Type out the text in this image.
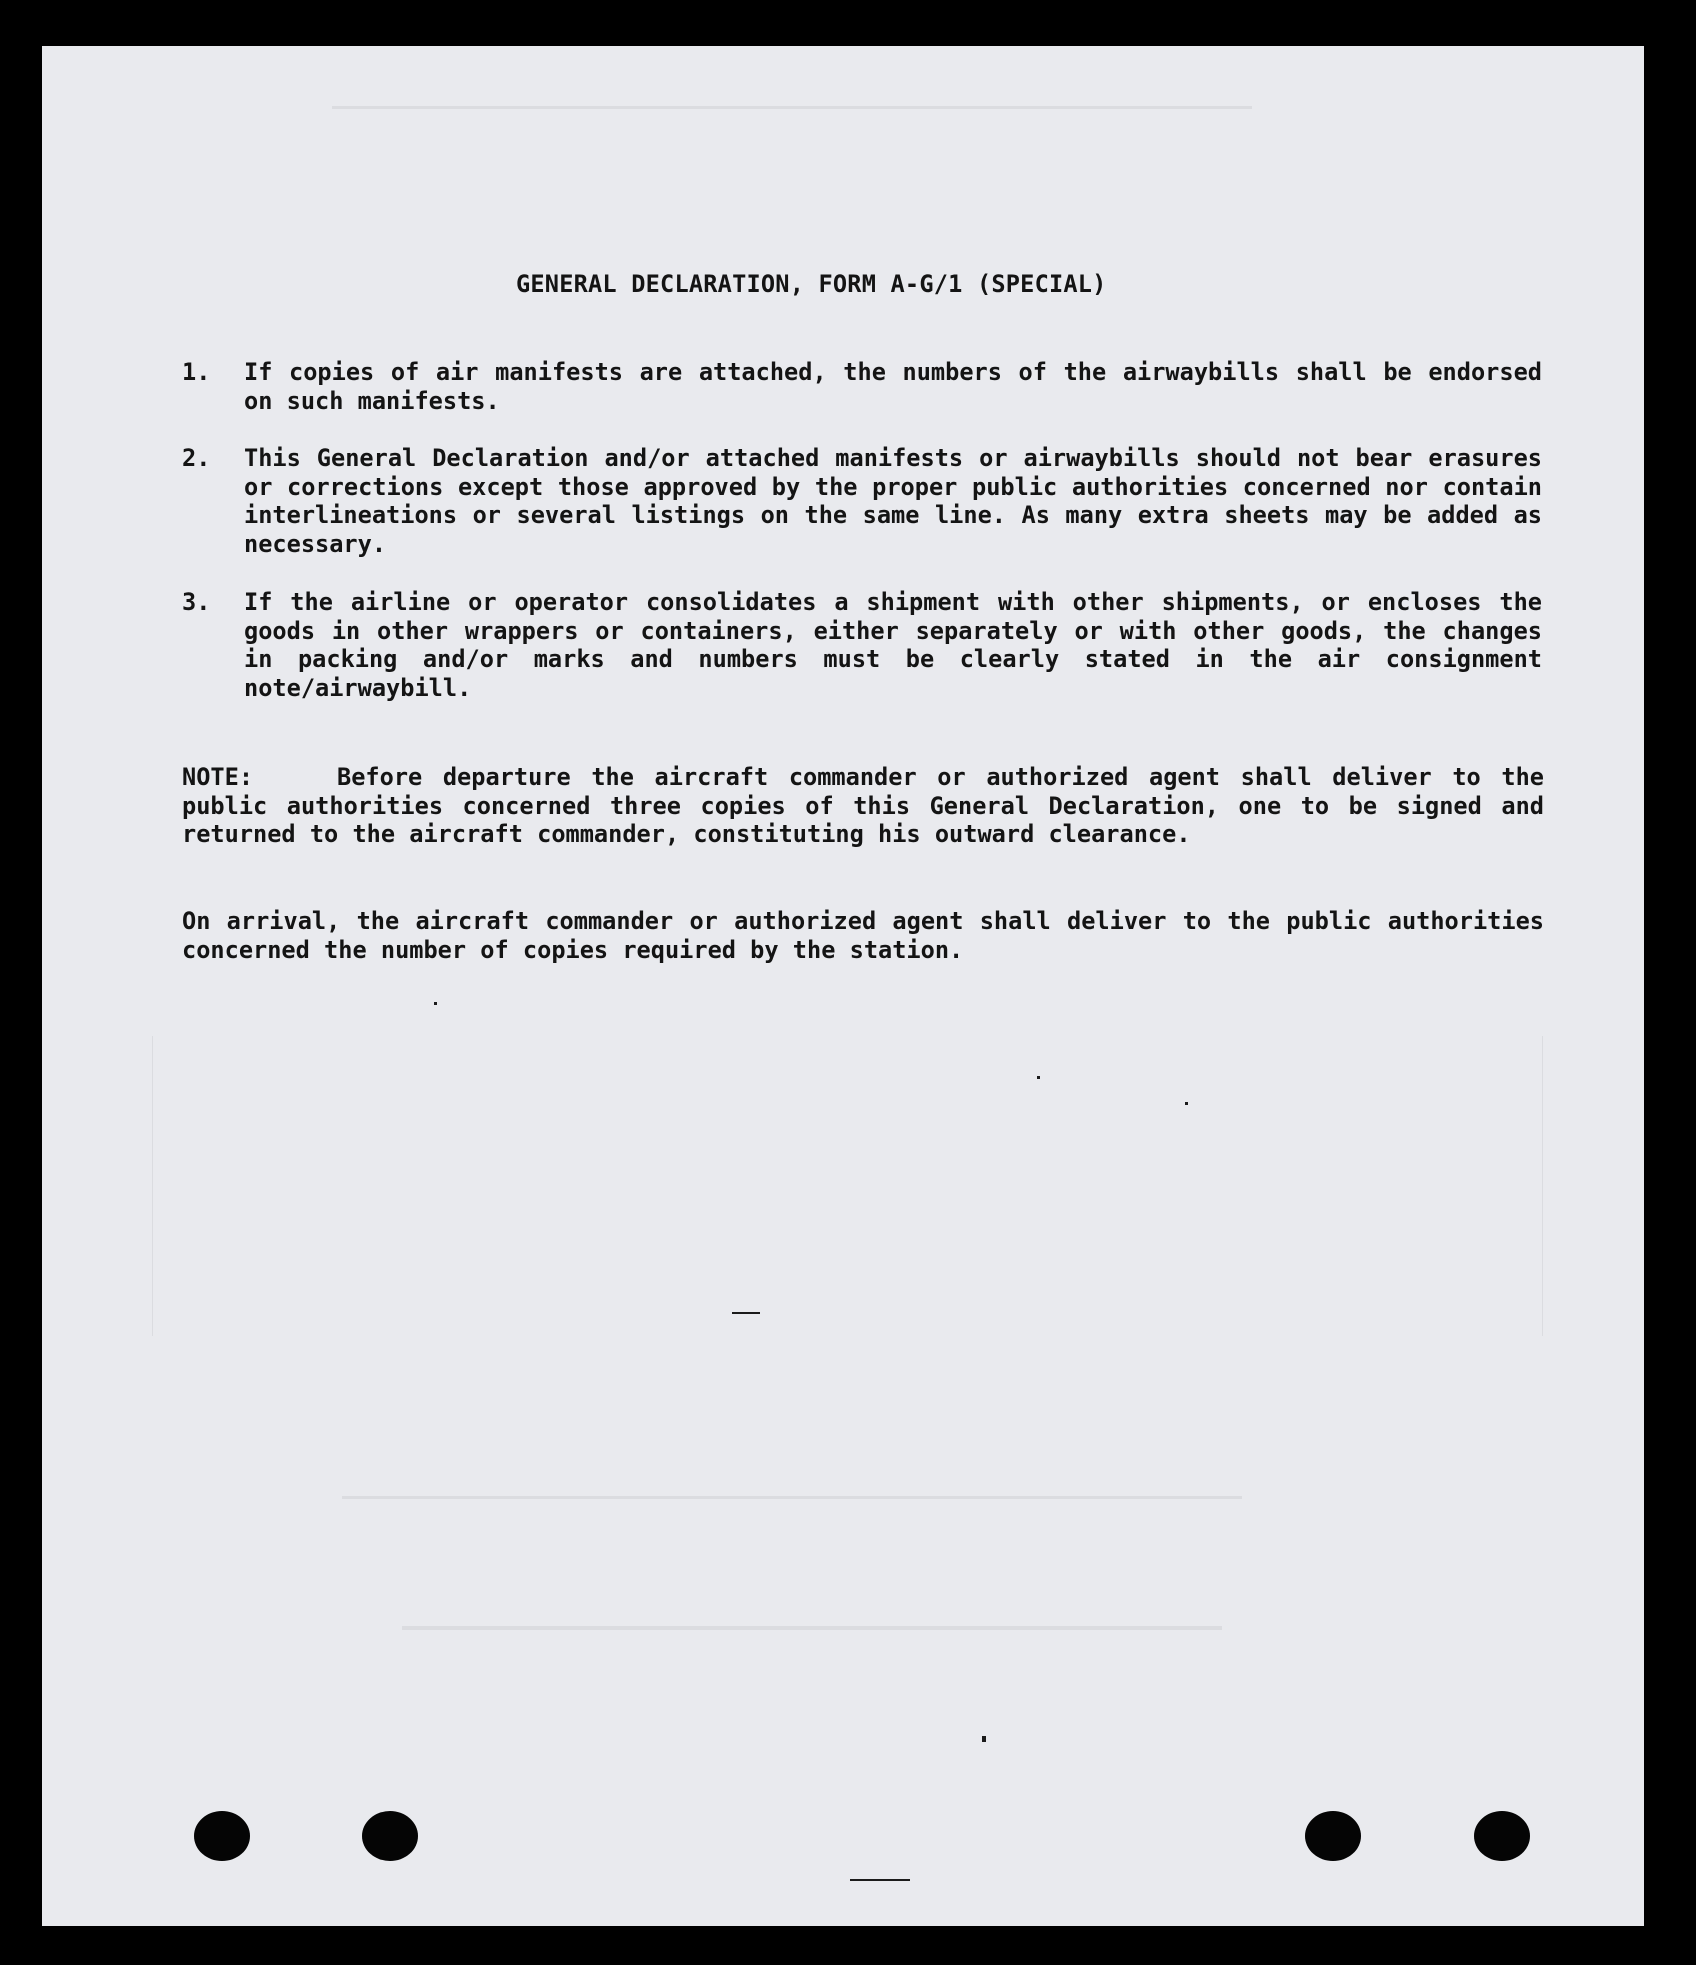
GENERAL DECLARATION, FORM A-G/1 (SPECIAL)
1.	If copies of air manifests are attached, the numbers of the airwaybills shall be endorsed on such manifests.
2.	This General Declaration and/or attached manifests or airwaybills should not bear erasures or corrections except those approved by the proper public authorities concerned nor contain interlineations or several listings on the same line. As many extra sheets may be added as necessary.
3.	If the airline or operator consolidates a shipment with other shipments, or encloses the goods in other wrappers or containers, either separately or with other goods, the changes in packing and/or marks and numbers must be clearly stated in the air consignment note/airwaybill.
NOTE:	Before departure the aircraft commander or authorized agent shall deliver to the public authorities concerned three copies of this General Declaration, one to be signed and returned to the aircraft commander, constituting his outward clearance.
On arrival, the aircraft commander or authorized agent shall deliver to the public authorities concerned the number of copies required by the station.
